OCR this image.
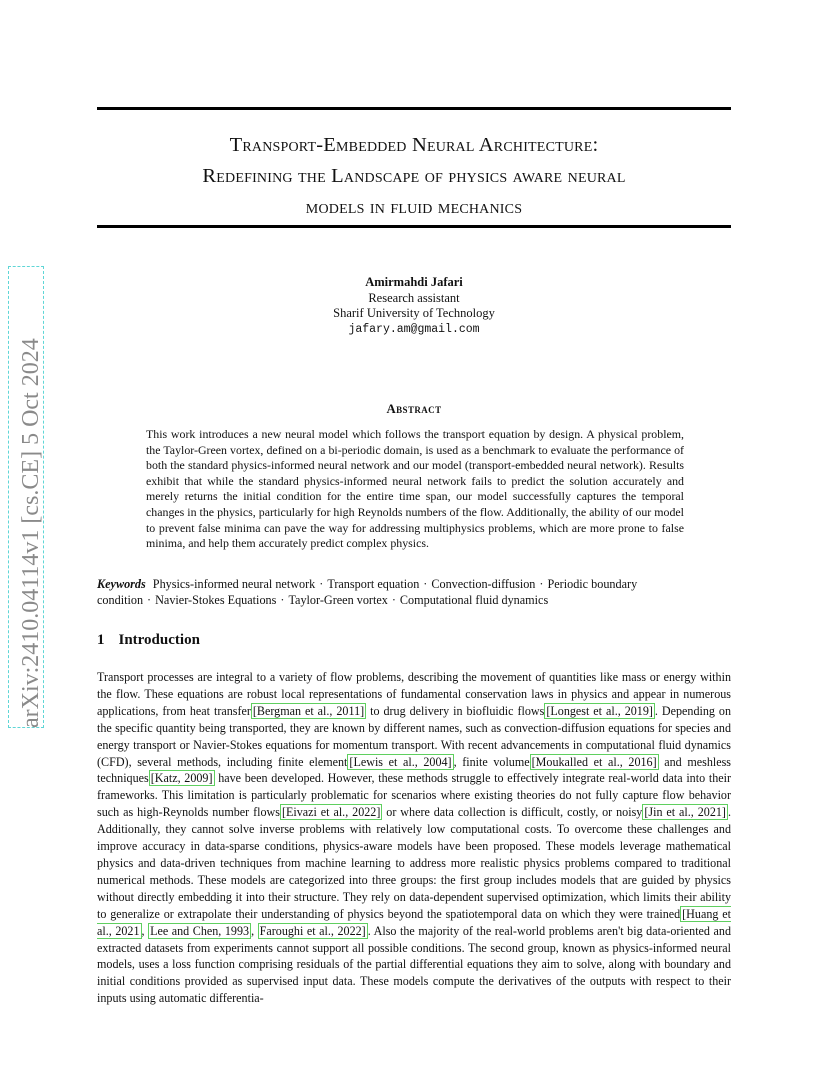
arXiv:2410.04114v1 [cs.CE] 5 Oct 2024
Transport-Embedded Neural Architecture:
Redefining the Landscape of physics aware neural
models in fluid mechanics
Amirmahdi Jafari
Research assistant
Sharif University of Technology
jafary.am@gmail.com
Abstract
This work introduces a new neural model which follows the transport equation by design. A physical problem, the Taylor-Green vortex, defined on a bi-periodic domain, is used as a benchmark to evaluate the performance of both the standard physics-informed neural network and our model (transport-embedded neural network). Results exhibit that while the standard physics-informed neural network fails to predict the solution accurately and merely returns the initial condition for the entire time span, our model successfully captures the temporal changes in the physics, particularly for high Reynolds numbers of the flow. Additionally, the ability of our model to prevent false minima can pave the way for addressing multiphysics problems, which are more prone to false minima, and help them accurately predict complex physics.
Keywords Physics-informed neural network · Transport equation · Convection-diffusion · Periodic boundary condition · Navier-Stokes Equations · Taylor-Green vortex · Computational fluid dynamics
1 Introduction
Transport processes are integral to a variety of flow problems, describing the movement of quantities like mass or energy within the flow. These equations are robust local representations of fundamental conservation laws in physics and appear in numerous applications, from heat transfer [Bergman et al., 2011] to drug delivery in biofluidic flows [Longest et al., 2019] . Depending on the specific quantity being transported, they are known by different names, such as convection-diffusion equations for species and energy transport or Navier-Stokes equations for momentum transport. With recent advancements in computational fluid dynamics (CFD), several methods, including finite element [Lewis et al., 2004] , finite volume [Moukalled et al., 2016] and meshless techniques [Katz, 2009] have been developed. However, these methods struggle to effectively integrate real-world data into their frameworks. This limitation is particularly problematic for scenarios where existing theories do not fully capture flow behavior such as high-Reynolds number flows [Eivazi et al., 2022] or where data collection is difficult, costly, or noisy [Jin et al., 2021] . Additionally, they cannot solve inverse problems with relatively low computational costs. To overcome these challenges and improve accuracy in data-sparse conditions, physics-aware models have been proposed. These models leverage mathematical physics and data-driven techniques from machine learning to address more realistic physics problems compared to traditional numerical methods. These models are categorized into three groups: the first group includes models that are guided by physics without directly embedding it into their structure. They rely on data-dependent supervised optimization, which limits their ability to generalize or extrapolate their understanding of physics beyond the spatiotemporal data on which they were trained [Huang et al., 2021 , Lee and Chen, 1993 , Faroughi et al., 2022] . Also the majority of the real-world problems aren't big data-oriented and extracted datasets from experiments cannot support all possible conditions. The second group, known as physics-informed neural models, uses a loss function comprising residuals of the partial differential equations they aim to solve, along with boundary and initial conditions provided as supervised input data. These models compute the derivatives of the outputs with respect to their inputs using automatic differentia-
